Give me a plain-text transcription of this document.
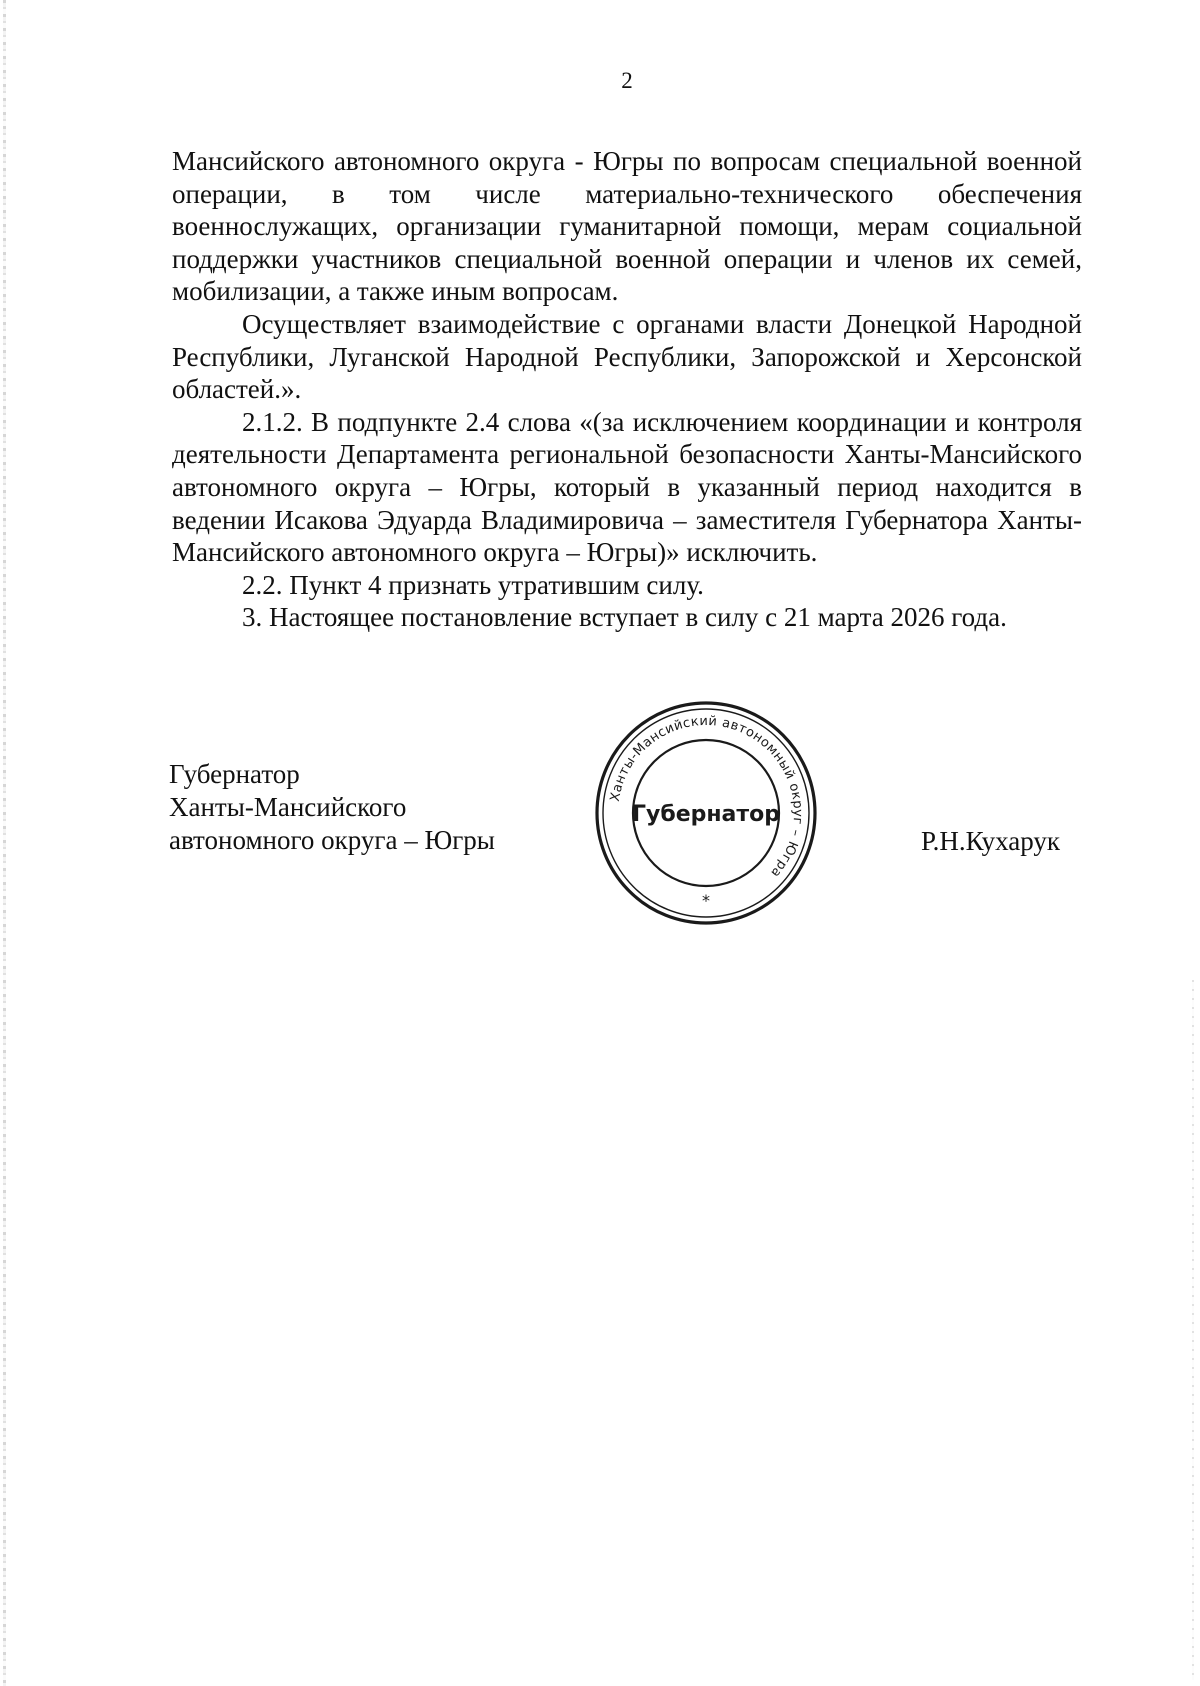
2

Мансийского автономного округа - Югры по вопросам специальной военной операции, в том числе материально-технического обеспечения военнослужащих, организации гуманитарной помощи, мерам социальной поддержки участников специальной военной операции и членов их семей, мобилизации, а также иным вопросам.

Осуществляет взаимодействие с органами власти Донецкой Народной Республики, Луганской Народной Республики, Запорожской и Херсонской областей.».

2.1.2. В подпункте 2.4 слова «(за исключением координации и контроля деятельности Департамента региональной безопасности Ханты-Мансийского автономного округа – Югры, который в указанный период находится в ведении Исакова Эдуарда Владимировича – заместителя Губернатора Ханты-Мансийского автономного округа – Югры)» исключить.

2.2. Пункт 4 признать утратившим силу.

3. Настоящее постановление вступает в силу с 21 марта 2026 года.

Губернатор
Ханты-Мансийского
автономного округа – Югры	Р.Н.Кухарук
Ханты-Мансийский автономный округ – Югра
Губернатор
*
